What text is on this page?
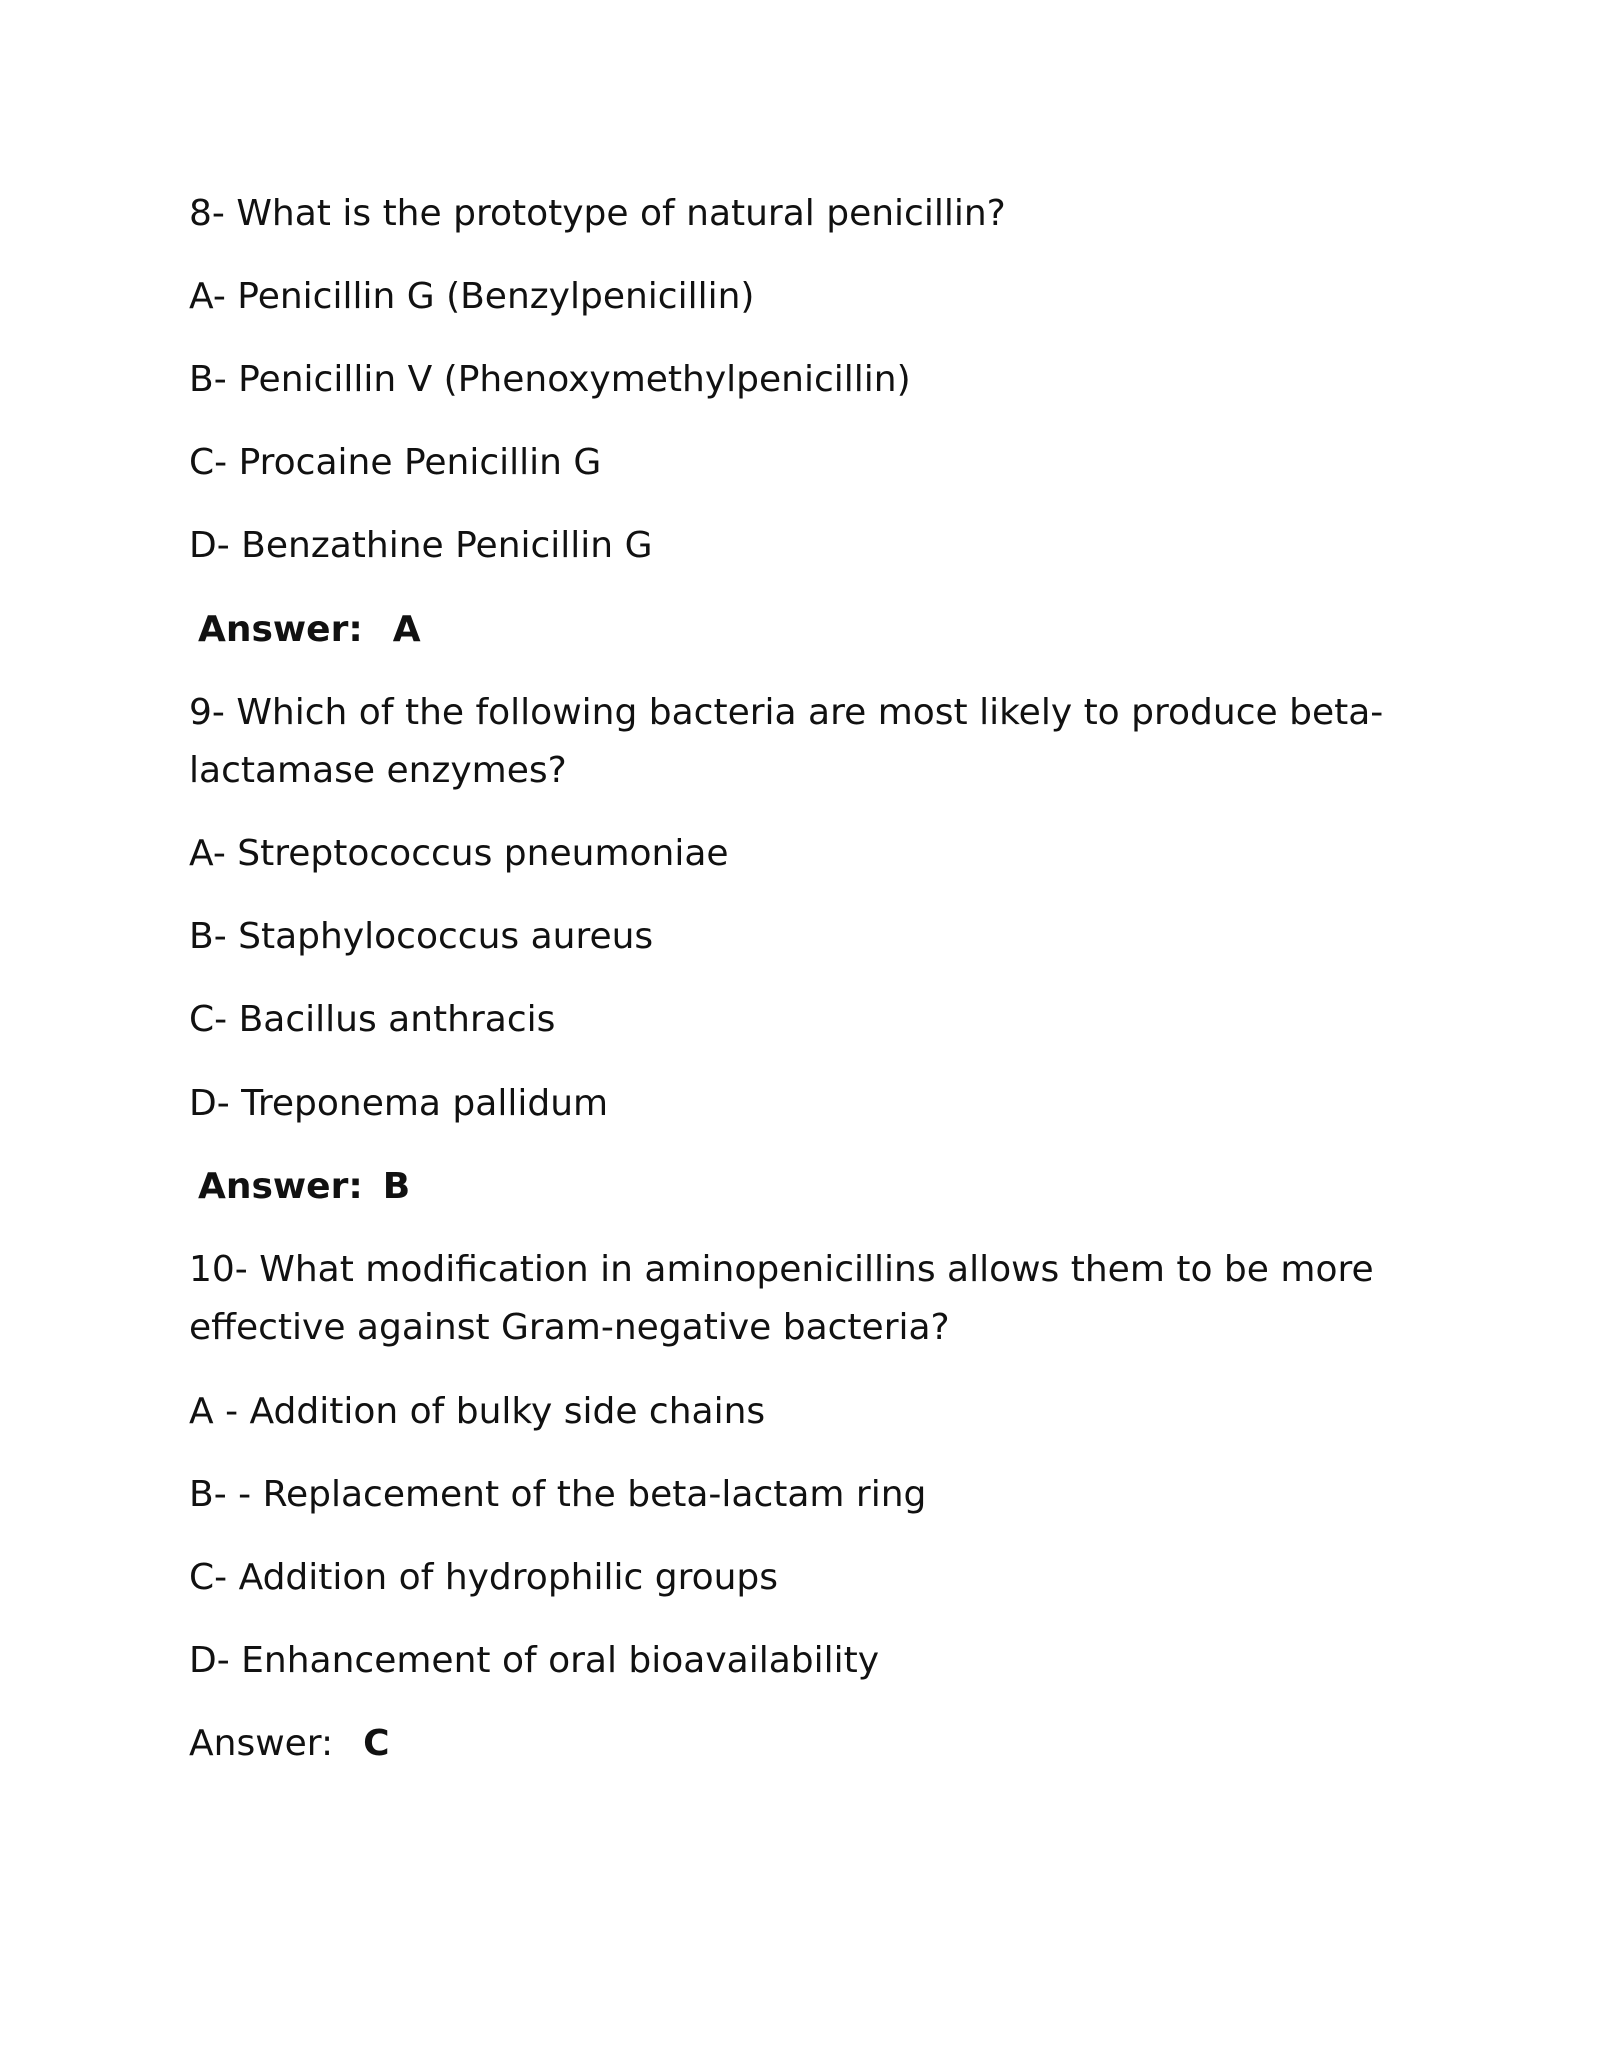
8- What is the prototype of natural penicillin?
A- Penicillin G (Benzylpenicillin)
B- Penicillin V (Phenoxymethylpenicillin)
C- Procaine Penicillin G
D- Benzathine Penicillin G
Answer: A
9- Which of the following bacteria are most likely to produce beta-
lactamase enzymes?
A- Streptococcus pneumoniae
B- Staphylococcus aureus
C- Bacillus anthracis
D- Treponema pallidum
Answer: B
10- What modification in aminopenicillins allows them to be more
effective against Gram-negative bacteria?
A - Addition of bulky side chains
B- - Replacement of the beta-lactam ring
C- Addition of hydrophilic groups
D- Enhancement of oral bioavailability
Answer: C
